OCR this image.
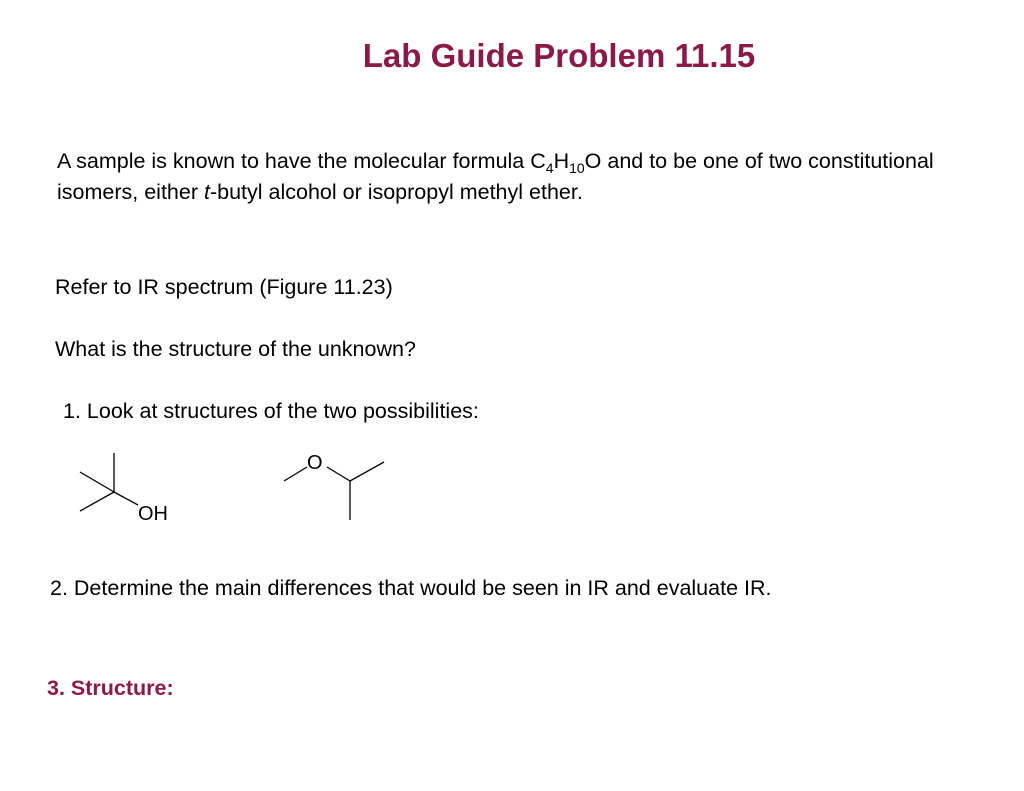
Lab Guide Problem 11.15
A sample is known to have the molecular formula $C_4H_{10}O$ and to be one of two constitutional isomers, either t-butyl alcohol or isopropyl methyl ether.
Refer to IR spectrum (Figure 11.23)
What is the structure of the unknown?
1. Look at structures of the two possibilities:
OH
O
2. Determine the main differences that would be seen in IR and evaluate IR.
3. Structure:
